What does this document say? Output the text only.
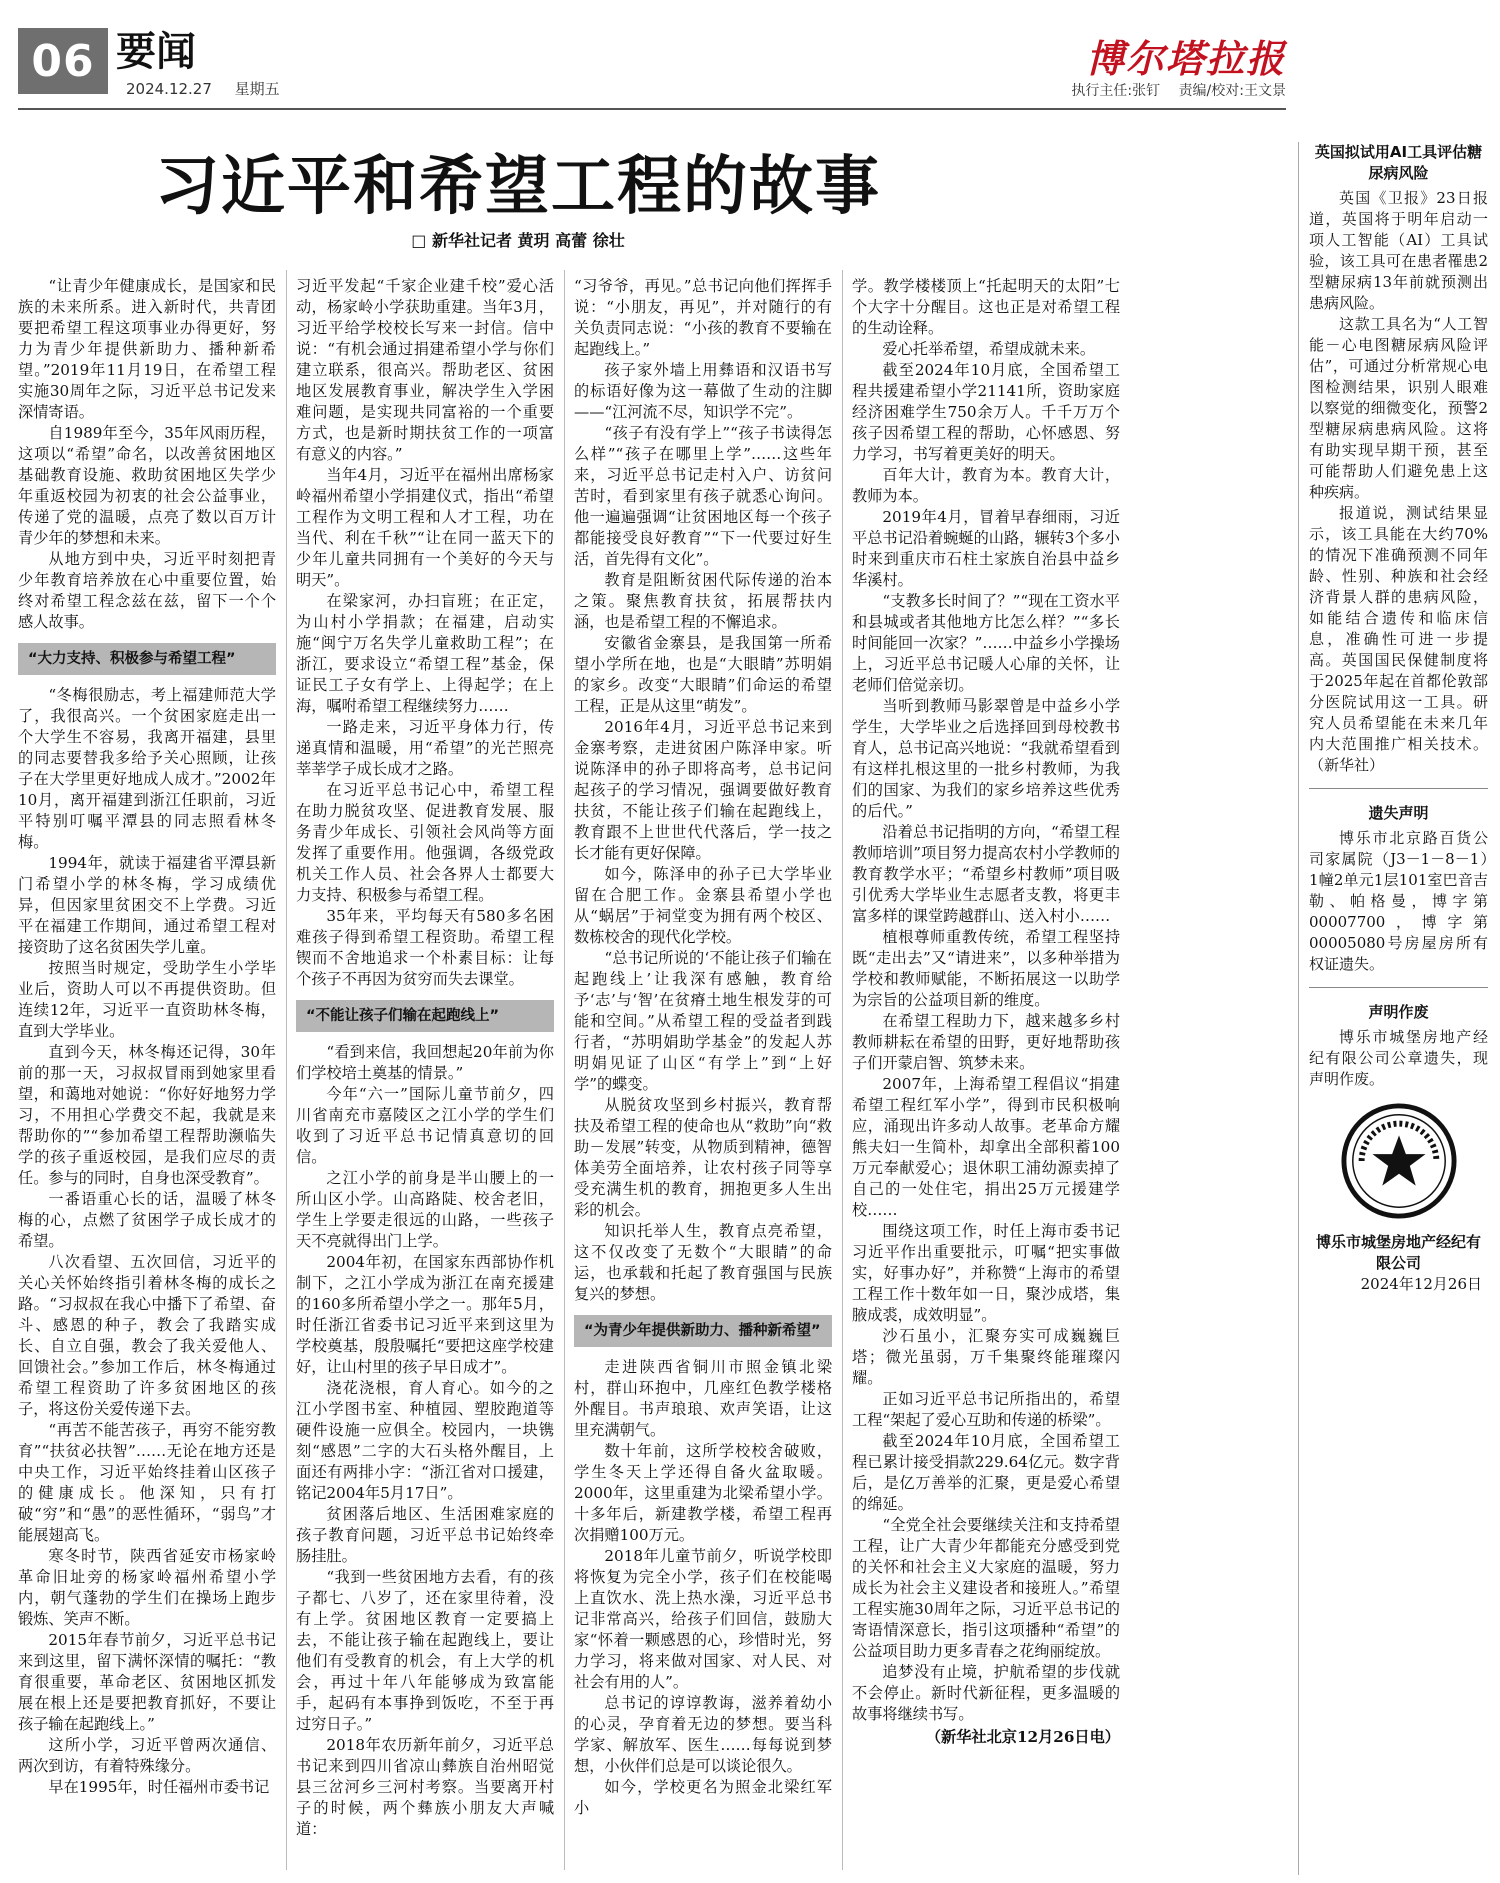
06 要闻
2024.12.27 星期五
博尔塔拉报
执行主任:张钉 责编/校对:王文景
习近平和希望工程的故事
□ 新华社记者 黄玥 高蕾 徐壮

“让青少年健康成长，是国家和民族的未来所系。进入新时代，共青团要把希望工程这项事业办得更好，努力为青少年提供新助力、播种新希望。”2019年11月19日，在希望工程实施30周年之际，习近平总书记发来深情寄语。

自1989年至今，35年风雨历程，这项以“希望”命名，以改善贫困地区基础教育设施、救助贫困地区失学少年重返校园为初衷的社会公益事业，传递了党的温暖，点亮了数以百万计青少年的梦想和未来。

从地方到中央，习近平时刻把青少年教育培养放在心中重要位置，始终对希望工程念兹在兹，留下一个个感人故事。

“大力支持、积极参与希望工程”

“冬梅很励志，考上福建师范大学了，我很高兴。一个贫困家庭走出一个大学生不容易，我离开福建，县里的同志要替我多给予关心照顾，让孩子在大学里更好地成人成才。”2002年10月，离开福建到浙江任职前，习近平特别叮嘱平潭县的同志照看林冬梅。

1994年，就读于福建省平潭县新门希望小学的林冬梅，学习成绩优异，但因家里贫困交不上学费。习近平在福建工作期间，通过希望工程对接资助了这名贫困失学儿童。

按照当时规定，受助学生小学毕业后，资助人可以不再提供资助。但连续12年，习近平一直资助林冬梅，直到大学毕业。

直到今天，林冬梅还记得，30年前的那一天，习叔叔冒雨到她家里看望，和蔼地对她说：“你好好地努力学习，不用担心学费交不起，我就是来帮助你的”“参加希望工程帮助濒临失学的孩子重返校园，是我们应尽的责任。参与的同时，自身也深受教育”。

一番语重心长的话，温暖了林冬梅的心，点燃了贫困学子成长成才的希望。

八次看望、五次回信，习近平的关心关怀始终指引着林冬梅的成长之路。“习叔叔在我心中播下了希望、奋斗、感恩的种子，教会了我踏实成长、自立自强，教会了我关爱他人、回馈社会。”参加工作后，林冬梅通过希望工程资助了许多贫困地区的孩子，将这份关爱传递下去。

“再苦不能苦孩子，再穷不能穷教育”“扶贫必扶智”……无论在地方还是中央工作，习近平始终挂着山区孩子的健康成长。他深知，只有打破“穷”和“愚”的恶性循环，“弱鸟”才能展翅高飞。

寒冬时节，陕西省延安市杨家岭革命旧址旁的杨家岭福州希望小学内，朝气蓬勃的学生们在操场上跑步锻炼、笑声不断。

2015年春节前夕，习近平总书记来到这里，留下满怀深情的嘱托：“教育很重要，革命老区、贫困地区抓发展在根上还是要把教育抓好，不要让孩子输在起跑线上。”

这所小学，习近平曾两次通信、两次到访，有着特殊缘分。

早在1995年，时任福州市委书记

习近平发起“千家企业建千校”爱心活动，杨家岭小学获助重建。当年3月，习近平给学校校长写来一封信。信中说：“有机会通过捐建希望小学与你们建立联系，很高兴。帮助老区、贫困地区发展教育事业，解决学生入学困难问题，是实现共同富裕的一个重要方式，也是新时期扶贫工作的一项富有意义的内容。”

当年4月，习近平在福州出席杨家岭福州希望小学捐建仪式，指出“希望工程作为文明工程和人才工程，功在当代、利在千秋”“让在同一蓝天下的少年儿童共同拥有一个美好的今天与明天”。

在梁家河，办扫盲班；在正定，为山村小学捐款；在福建，启动实施“闽宁万名失学儿童救助工程”；在浙江，要求设立“希望工程”基金，保证民工子女有学上、上得起学；在上海，嘱咐希望工程继续努力……

一路走来，习近平身体力行，传递真情和温暖，用“希望”的光芒照亮莘莘学子成长成才之路。

在习近平总书记心中，希望工程在助力脱贫攻坚、促进教育发展、服务青少年成长、引领社会风尚等方面发挥了重要作用。他强调，各级党政机关工作人员、社会各界人士都要大力支持、积极参与希望工程。

35年来，平均每天有580多名困难孩子得到希望工程资助。希望工程锲而不舍地追求一个朴素目标：让每个孩子不再因为贫穷而失去课堂。

“不能让孩子们输在起跑线上”

“看到来信，我回想起20年前为你们学校培土奠基的情景。”

今年“六一”国际儿童节前夕，四川省南充市嘉陵区之江小学的学生们收到了习近平总书记情真意切的回信。

之江小学的前身是半山腰上的一所山区小学。山高路陡、校舍老旧，学生上学要走很远的山路，一些孩子天不亮就得出门上学。

2004年初，在国家东西部协作机制下，之江小学成为浙江在南充援建的160多所希望小学之一。那年5月，时任浙江省委书记习近平来到这里为学校奠基，殷殷嘱托“要把这座学校建好，让山村里的孩子早日成才”。

浇花浇根，育人育心。如今的之江小学图书室、种植园、塑胶跑道等硬件设施一应俱全。校园内，一块镌刻“感恩”二字的大石头格外醒目，上面还有两排小字：“浙江省对口援建，铭记2004年5月17日”。

贫困落后地区、生活困难家庭的孩子教育问题，习近平总书记始终牵肠挂肚。

“我到一些贫困地方去看，有的孩子都七、八岁了，还在家里待着，没有上学。贫困地区教育一定要搞上去，不能让孩子输在起跑线上，要让他们有受教育的机会，有上大学的机会，再过十年八年能够成为致富能手，起码有本事挣到饭吃，不至于再过穷日子。”

2018年农历新年前夕，习近平总书记来到四川省凉山彝族自治州昭觉县三岔河乡三河村考察。当要离开村子的时候，两个彝族小朋友大声喊道：

“习爷爷，再见。”总书记向他们挥挥手说：“小朋友，再见”，并对随行的有关负责同志说：“小孩的教育不要输在起跑线上。”

孩子家外墙上用彝语和汉语书写的标语好像为这一幕做了生动的注脚——“江河流不尽，知识学不完”。

“孩子有没有学上”“孩子书读得怎么样”“孩子在哪里上学”……这些年来，习近平总书记走村入户、访贫问苦时，看到家里有孩子就悉心询问。他一遍遍强调“让贫困地区每一个孩子都能接受良好教育”“下一代要过好生活，首先得有文化”。

教育是阻断贫困代际传递的治本之策。聚焦教育扶贫，拓展帮扶内涵，也是希望工程的不懈追求。

安徽省金寨县，是我国第一所希望小学所在地，也是“大眼睛”苏明娟的家乡。改变“大眼睛”们命运的希望工程，正是从这里“萌发”。

2016年4月，习近平总书记来到金寨考察，走进贫困户陈泽申家。听说陈泽申的孙子即将高考，总书记问起孩子的学习情况，强调要做好教育扶贫，不能让孩子们输在起跑线上，教育跟不上世世代代落后，学一技之长才能有更好保障。

如今，陈泽申的孙子已大学毕业留在合肥工作。金寨县希望小学也从“蜗居”于祠堂变为拥有两个校区、数栋校舍的现代化学校。

“总书记所说的‘不能让孩子们输在起跑线上’让我深有感触，教育给予‘志’与‘智’在贫瘠土地生根发芽的可能和空间。”从希望工程的受益者到践行者，“苏明娟助学基金”的发起人苏明娟见证了山区“有学上”到“上好学”的蝶变。

从脱贫攻坚到乡村振兴，教育帮扶及希望工程的使命也从“救助”向“救助－发展”转变，从物质到精神，德智体美劳全面培养，让农村孩子同等享受充满生机的教育，拥抱更多人生出彩的机会。

知识托举人生，教育点亮希望，这不仅改变了无数个“大眼睛”的命运，也承载和托起了教育强国与民族复兴的梦想。

“为青少年提供新助力、播种新希望”

走进陕西省铜川市照金镇北梁村，群山环抱中，几座红色教学楼格外醒目。书声琅琅、欢声笑语，让这里充满朝气。

数十年前，这所学校校舍破败，学生冬天上学还得自备火盆取暖。2000年，这里重建为北梁希望小学。十多年后，新建教学楼，希望工程再次捐赠100万元。

2018年儿童节前夕，听说学校即将恢复为完全小学，孩子们在校能喝上直饮水、洗上热水澡，习近平总书记非常高兴，给孩子们回信，鼓励大家“怀着一颗感恩的心，珍惜时光，努力学习，将来做对国家、对人民、对社会有用的人”。

总书记的谆谆教诲，滋养着幼小的心灵，孕育着无边的梦想。要当科学家、解放军、医生……每每说到梦想，小伙伴们总是可以谈论很久。

如今，学校更名为照金北梁红军小

学。教学楼楼顶上“托起明天的太阳”七个大字十分醒目。这也正是对希望工程的生动诠释。

爱心托举希望，希望成就未来。

截至2024年10月底，全国希望工程共援建希望小学21141所，资助家庭经济困难学生750余万人。千千万万个孩子因希望工程的帮助，心怀感恩、努力学习，书写着更美好的明天。

百年大计，教育为本。教育大计，教师为本。

2019年4月，冒着早春细雨，习近平总书记沿着蜿蜒的山路，辗转3个多小时来到重庆市石柱土家族自治县中益乡华溪村。

“支教多长时间了？”“现在工资水平和县城或者其他地方比怎么样？”“多长时间能回一次家？”……中益乡小学操场上，习近平总书记暖人心扉的关怀，让老师们倍觉亲切。

当听到教师马影翠曾是中益乡小学学生，大学毕业之后选择回到母校教书育人，总书记高兴地说：“我就希望看到有这样扎根这里的一批乡村教师，为我们的国家、为我们的家乡培养这些优秀的后代。”

沿着总书记指明的方向，“希望工程教师培训”项目努力提高农村小学教师的教育教学水平；“希望乡村教师”项目吸引优秀大学毕业生志愿者支教，将更丰富多样的课堂跨越群山、送入村小……

植根尊师重教传统，希望工程坚持既“走出去”又“请进来”，以多种举措为学校和教师赋能，不断拓展这一以助学为宗旨的公益项目新的维度。

在希望工程助力下，越来越多乡村教师耕耘在希望的田野，更好地帮助孩子们开蒙启智、筑梦未来。

2007年，上海希望工程倡议“捐建希望工程红军小学”，得到市民积极响应，涌现出许多动人故事。老革命方耀熊夫妇一生简朴，却拿出全部积蓄100万元奉献爱心；退休职工浦幼源卖掉了自己的一处住宅，捐出25万元援建学校……

围绕这项工作，时任上海市委书记习近平作出重要批示，叮嘱“把实事做实，好事办好”，并称赞“上海市的希望工程工作十数年如一日，聚沙成塔，集腋成裘，成效明显”。

沙石虽小，汇聚夯实可成巍巍巨塔；微光虽弱，万千集聚终能璀璨闪耀。

正如习近平总书记所指出的，希望工程“架起了爱心互助和传递的桥梁”。

截至2024年10月底，全国希望工程已累计接受捐款229.64亿元。数字背后，是亿万善举的汇聚，更是爱心希望的绵延。

“全党全社会要继续关注和支持希望工程，让广大青少年都能充分感受到党的关怀和社会主义大家庭的温暖，努力成长为社会主义建设者和接班人。”希望工程实施30周年之际，习近平总书记的寄语情深意长，指引这项播种“希望”的公益项目助力更多青春之花绚丽绽放。

追梦没有止境，护航希望的步伐就不会停止。新时代新征程，更多温暖的故事将继续书写。

（新华社北京12月26日电）
英国拟试用AI工具评估糖尿病风险

英国《卫报》23日报道，英国将于明年启动一项人工智能（AI）工具试验，该工具可在患者罹患2型糖尿病13年前就预测出患病风险。

这款工具名为“人工智能－心电图糖尿病风险评估”，可通过分析常规心电图检测结果，识别人眼难以察觉的细微变化，预警2型糖尿病患病风险。这将有助实现早期干预，甚至可能帮助人们避免患上这种疾病。

报道说，测试结果显示，该工具能在大约70%的情况下准确预测不同年龄、性别、种族和社会经济背景人群的患病风险，如能结合遗传和临床信息，准确性可进一步提高。英国国民保健制度将于2025年起在首都伦敦部分医院试用这一工具。研究人员希望能在未来几年内大范围推广相关技术。（新华社）

遗失声明

博乐市北京路百货公司家属院（J3－1－8－1）1幢2单元1层101室巴音吉勒、帕格曼，博字第00007700，博字第00005080号房屋房所有权证遗失。

声明作废

博乐市城堡房地产经纪有限公司公章遗失，现声明作废。

博乐市城堡房地产经纪有限公司
2024年12月26日
